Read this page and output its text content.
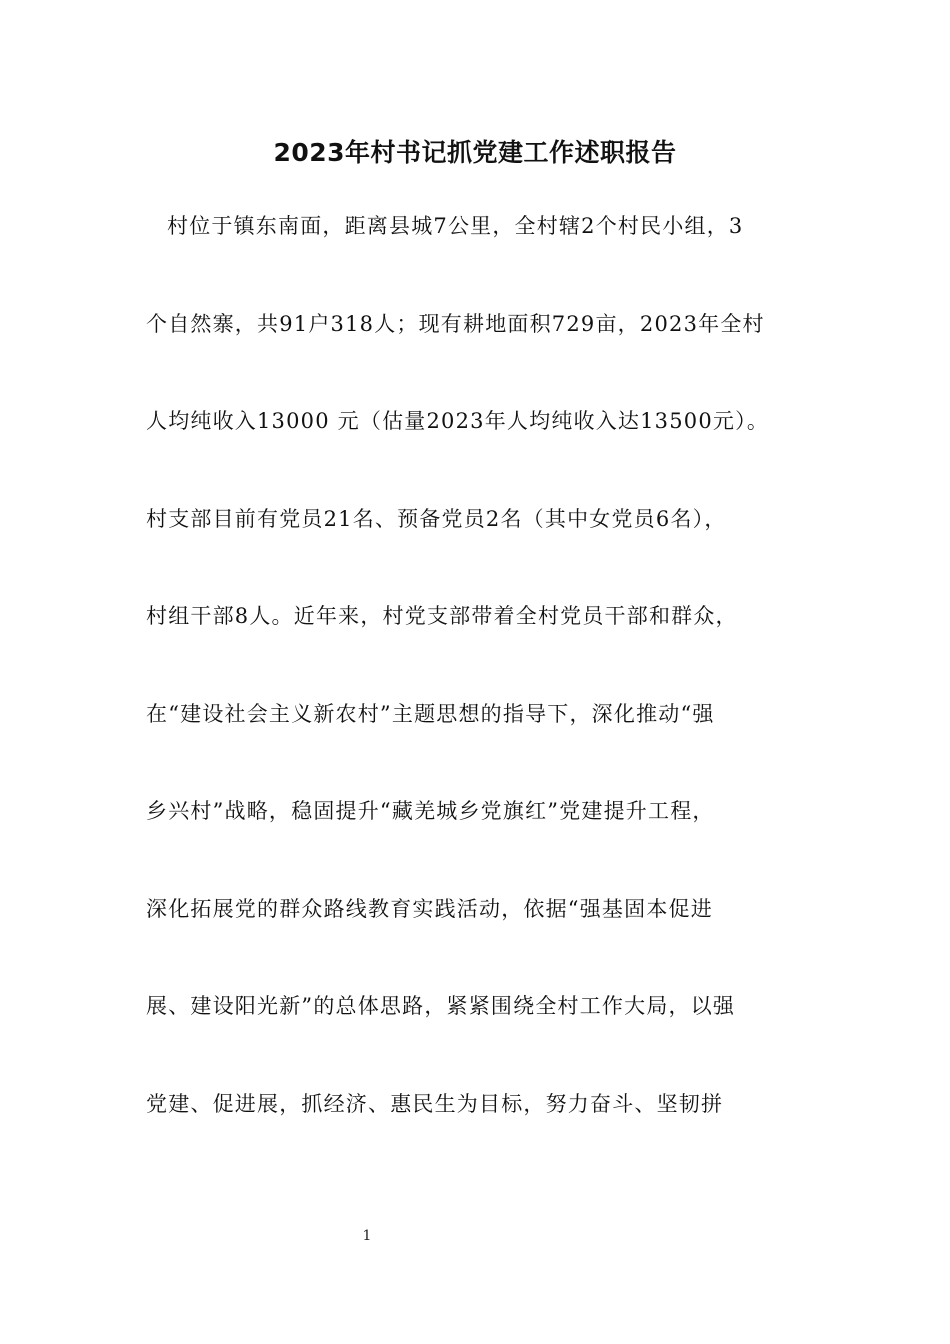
2023年村书记抓党建工作述职报告

村位于镇东南面，距离县城7公里，全村辖2个村民小组，3

个自然寨，共91户318人；现有耕地面积729亩，2023年全村

人均纯收入13000 元（估量2023年人均纯收入达13500元）。

村支部目前有党员21名、预备党员2名（其中女党员6名），

村组干部8人。近年来，村党支部带着全村党员干部和群众，

在“建设社会主义新农村”主题思想的指导下，深化推动“强

乡兴村”战略，稳固提升“藏羌城乡党旗红”党建提升工程，

深化拓展党的群众路线教育实践活动，依据“强基固本促进

展、建设阳光新”的总体思路，紧紧围绕全村工作大局，以强

党建、促进展，抓经济、惠民生为目标，努力奋斗、坚韧拼

1
